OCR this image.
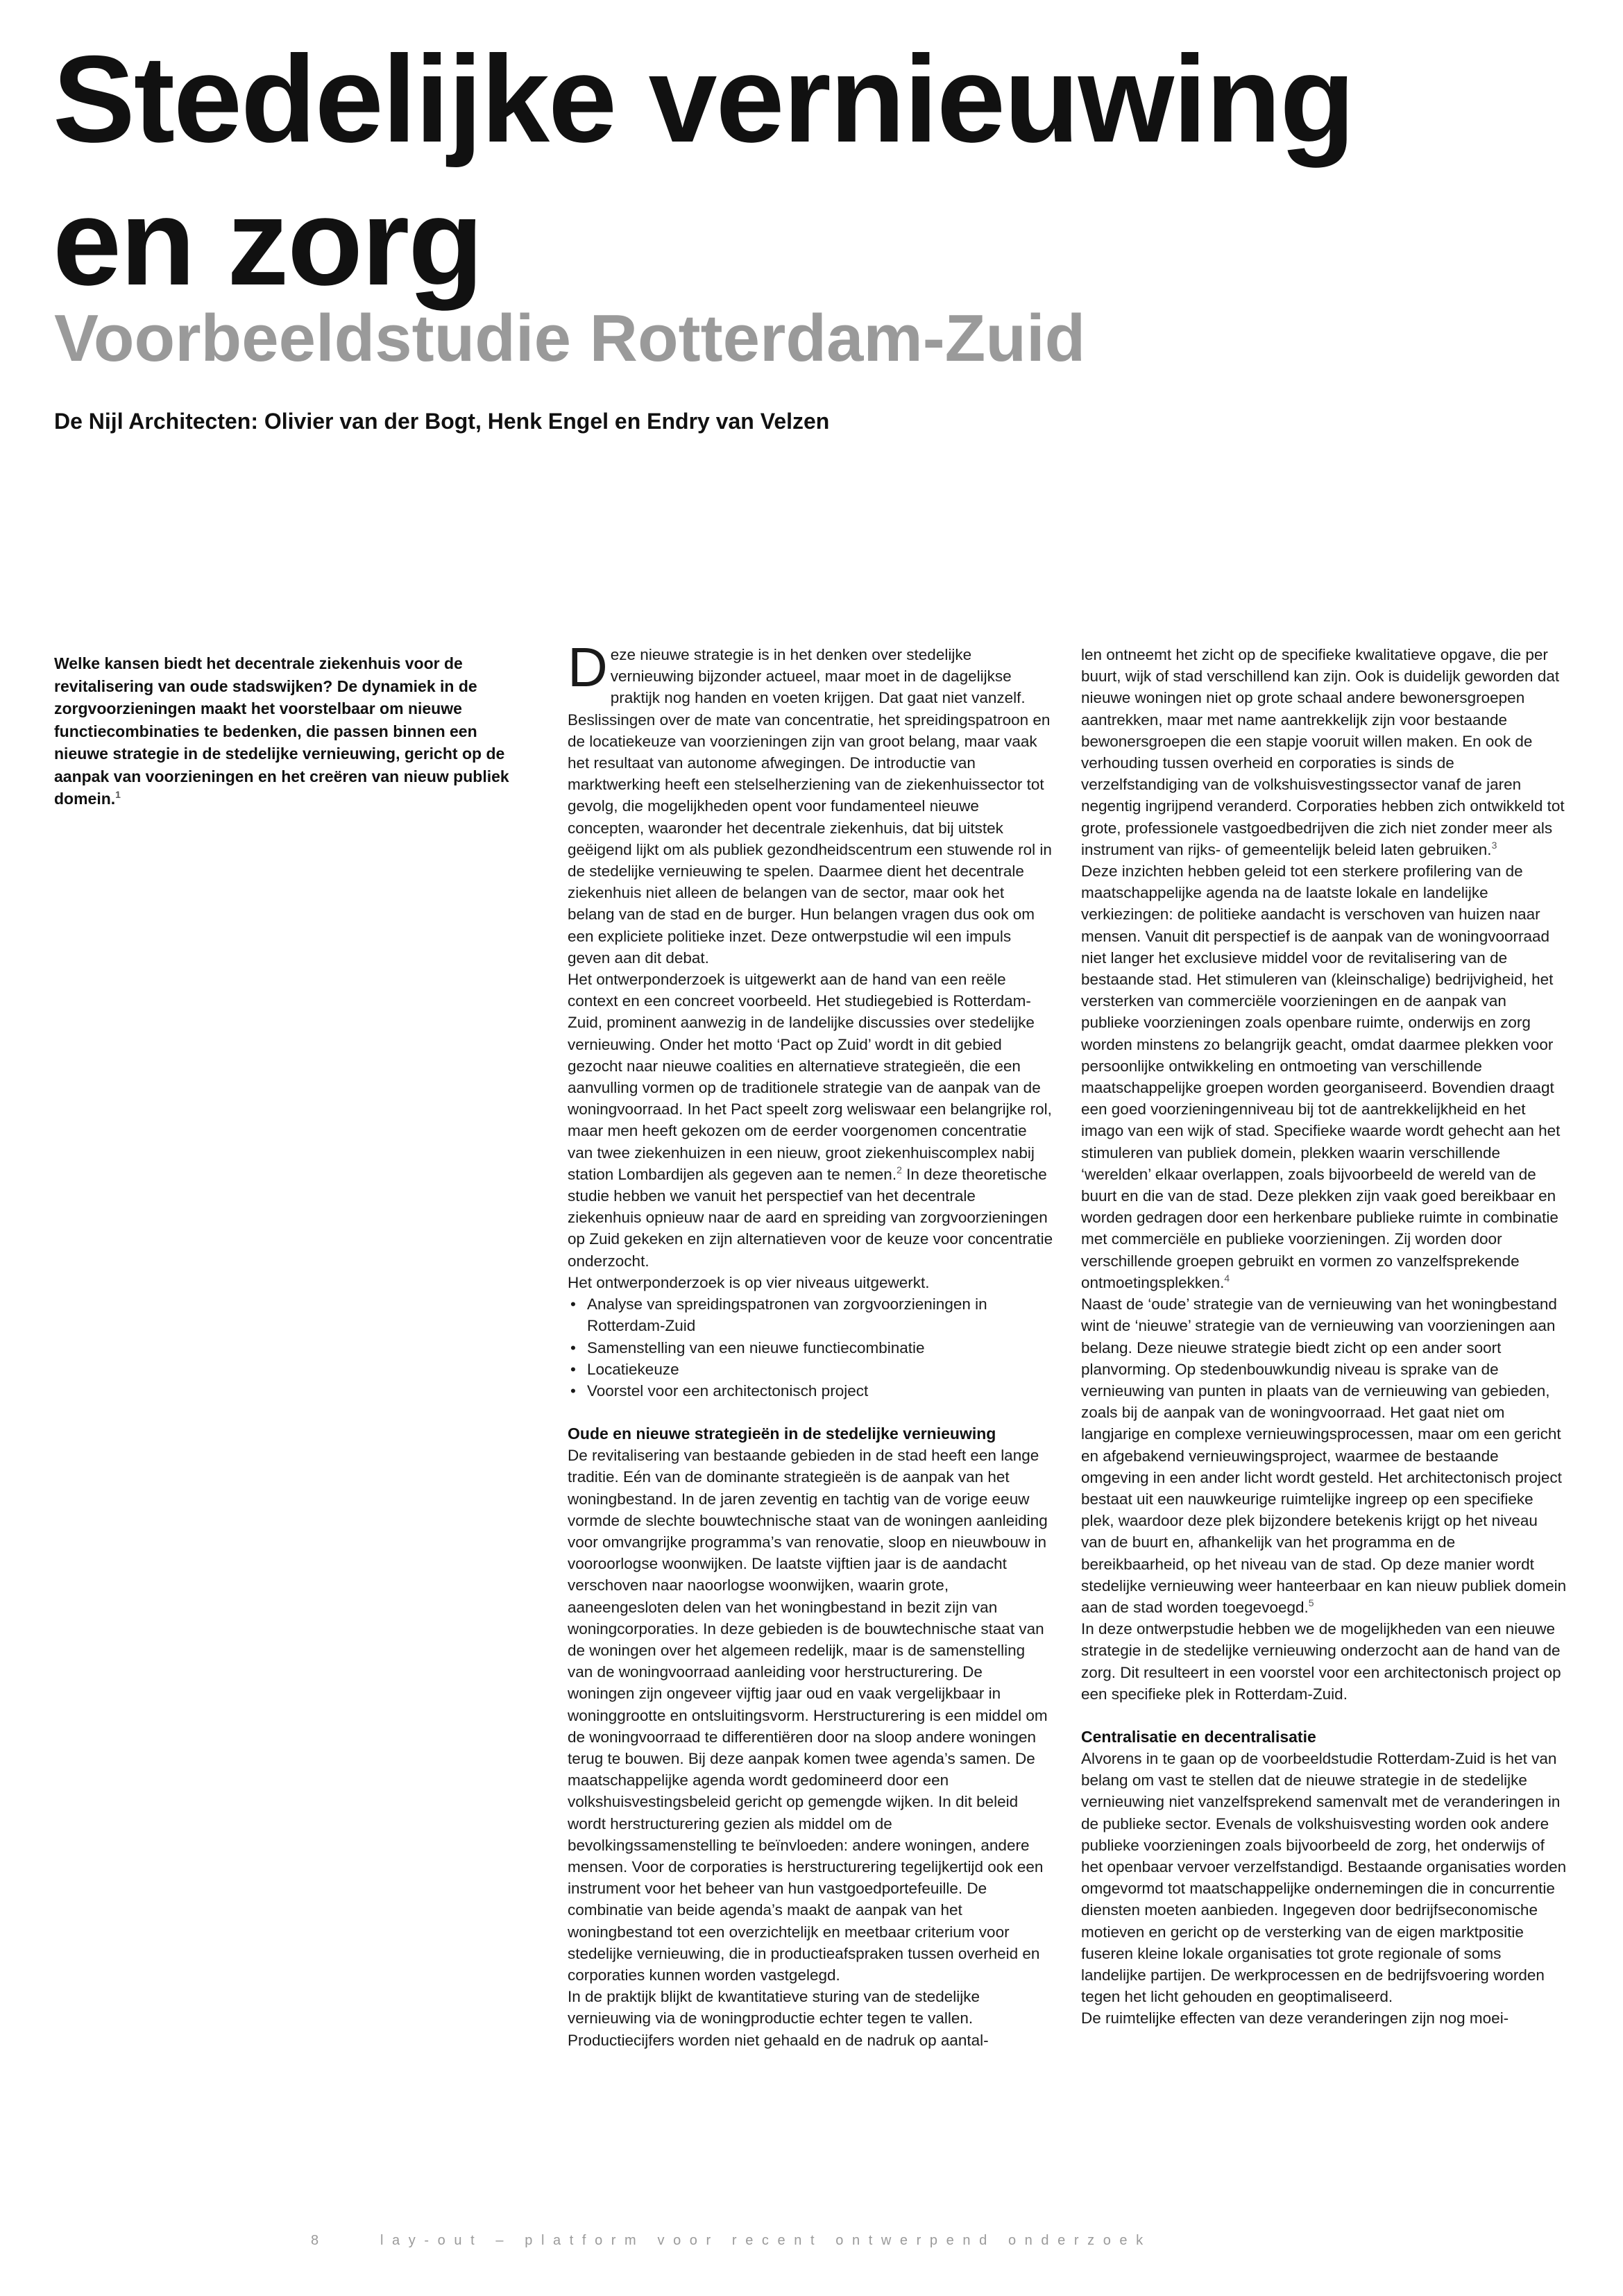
Stedelijke vernieuwing
en zorg
Voorbeeldstudie Rotterdam-Zuid

De Nijl Architecten: Olivier van der Bogt, Henk Engel en Endry van Velzen

Welke kansen biedt het decentrale ziekenhuis voor de revitalisering van oude stadswijken? De dynamiek in de zorgvoorzieningen maakt het voorstelbaar om nieuwe functiecombinaties te bedenken, die passen binnen een nieuwe strategie in de stedelijke vernieuwing, gericht op de aanpak van voorzieningen en het creëren van nieuw publiek domein.$^1$

Deze nieuwe strategie is in het denken over stedelijke vernieuwing bijzonder actueel, maar moet in de dagelijkse praktijk nog handen en voeten krijgen. Dat gaat niet vanzelf. Beslissingen over de mate van concentratie, het spreidingspatroon en de locatiekeuze van voorzieningen zijn van groot belang, maar vaak het resultaat van autonome afwegingen. De introductie van marktwerking heeft een stelselherziening van de ziekenhuissector tot gevolg, die mogelijkheden opent voor fundamenteel nieuwe concepten, waaronder het decentrale ziekenhuis, dat bij uitstek geëigend lijkt om als publiek gezondheidscentrum een stuwende rol in de stedelijke vernieuwing te spelen. Daarmee dient het decentrale ziekenhuis niet alleen de belangen van de sector, maar ook het belang van de stad en de burger. Hun belangen vragen dus ook om een expliciete politieke inzet. Deze ontwerpstudie wil een impuls geven aan dit debat.

Het ontwerponderzoek is uitgewerkt aan de hand van een reële context en een concreet voorbeeld. Het studiegebied is Rotterdam-Zuid, prominent aanwezig in de landelijke discussies over stedelijke vernieuwing. Onder het motto ‘Pact op Zuid’ wordt in dit gebied gezocht naar nieuwe coalities en alternatieve strategieën, die een aanvulling vormen op de traditionele strategie van de aanpak van de woningvoorraad. In het Pact speelt zorg weliswaar een belangrijke rol, maar men heeft gekozen om de eerder voorgenomen concentratie van twee ziekenhuizen in een nieuw, groot ziekenhuiscomplex nabij station Lombardijen als gegeven aan te nemen.$^2$ In deze theoretische studie hebben we vanuit het perspectief van het decentrale ziekenhuis opnieuw naar de aard en spreiding van zorgvoorzieningen op Zuid gekeken en zijn alternatieven voor de keuze voor concentratie onderzocht.

Het ontwerponderzoek is op vier niveaus uitgewerkt.

• Analyse van spreidingspatronen van zorgvoorzieningen in Rotterdam-Zuid
• Samenstelling van een nieuwe functiecombinatie
• Locatiekeuze
• Voorstel voor een architectonisch project
Oude en nieuwe strategieën in de stedelijke vernieuwing

De revitalisering van bestaande gebieden in de stad heeft een lange traditie. Eén van de dominante strategieën is de aanpak van het woningbestand. In de jaren zeventig en tachtig van de vorige eeuw vormde de slechte bouwtechnische staat van de woningen aanleiding voor omvangrijke programma’s van renovatie, sloop en nieuwbouw in vooroorlogse woonwijken. De laatste vijftien jaar is de aandacht verschoven naar naoorlogse woonwijken, waarin grote, aaneengesloten delen van het woningbestand in bezit zijn van woningcorporaties. In deze gebieden is de bouwtechnische staat van de woningen over het algemeen redelijk, maar is de samenstelling van de woningvoorraad aanleiding voor herstructurering. De woningen zijn ongeveer vijftig jaar oud en vaak vergelijkbaar in woninggrootte en ontsluitingsvorm. Herstructurering is een middel om de woningvoorraad te differentiëren door na sloop andere woningen terug te bouwen. Bij deze aanpak komen twee agenda’s samen. De maatschappelijke agenda wordt gedomineerd door een volkshuisvestingsbeleid gericht op gemengde wijken. In dit beleid wordt herstructurering gezien als middel om de bevolkingssamenstelling te beïnvloeden: andere woningen, andere mensen. Voor de corporaties is herstructurering tegelijkertijd ook een instrument voor het beheer van hun vastgoedportefeuille. De combinatie van beide agenda’s maakt de aanpak van het woningbestand tot een overzichtelijk en meetbaar criterium voor stedelijke vernieuwing, die in productieafspraken tussen overheid en corporaties kunnen worden vastgelegd.

In de praktijk blijkt de kwantitatieve sturing van de stedelijke vernieuwing via de woningproductie echter tegen te vallen. Productiecijfers worden niet gehaald en de nadruk op aantal-

len ontneemt het zicht op de specifieke kwalitatieve opgave, die per buurt, wijk of stad verschillend kan zijn. Ook is duidelijk geworden dat nieuwe woningen niet op grote schaal andere bewonersgroepen aantrekken, maar met name aantrekkelijk zijn voor bestaande bewonersgroepen die een stapje vooruit willen maken. En ook de verhouding tussen overheid en corporaties is sinds de verzelfstandiging van de volkshuisvestingssector vanaf de jaren negentig ingrijpend veranderd. Corporaties hebben zich ontwikkeld tot grote, professionele vastgoedbedrijven die zich niet zonder meer als instrument van rijks- of gemeentelijk beleid laten gebruiken.$^3$

Deze inzichten hebben geleid tot een sterkere profilering van de maatschappelijke agenda na de laatste lokale en landelijke verkiezingen: de politieke aandacht is verschoven van huizen naar mensen. Vanuit dit perspectief is de aanpak van de woningvoorraad niet langer het exclusieve middel voor de revitalisering van de bestaande stad. Het stimuleren van (kleinschalige) bedrijvigheid, het versterken van commerciële voorzieningen en de aanpak van publieke voorzieningen zoals openbare ruimte, onderwijs en zorg worden minstens zo belangrijk geacht, omdat daarmee plekken voor persoonlijke ontwikkeling en ontmoeting van verschillende maatschappelijke groepen worden georganiseerd. Bovendien draagt een goed voorzieningenniveau bij tot de aantrekkelijkheid en het imago van een wijk of stad. Specifieke waarde wordt gehecht aan het stimuleren van publiek domein, plekken waarin verschillende ‘werelden’ elkaar overlappen, zoals bijvoorbeeld de wereld van de buurt en die van de stad. Deze plekken zijn vaak goed bereikbaar en worden gedragen door een herkenbare publieke ruimte in combinatie met commerciële en publieke voorzieningen. Zij worden door verschillende groepen gebruikt en vormen zo vanzelfsprekende ontmoetingsplekken.$^4$

Naast de ‘oude’ strategie van de vernieuwing van het woningbestand wint de ‘nieuwe’ strategie van de vernieuwing van voorzieningen aan belang. Deze nieuwe strategie biedt zicht op een ander soort planvorming. Op stedenbouwkundig niveau is sprake van de vernieuwing van punten in plaats van de vernieuwing van gebieden, zoals bij de aanpak van de woningvoorraad. Het gaat niet om langjarige en complexe vernieuwingsprocessen, maar om een gericht en afgebakend vernieuwingsproject, waarmee de bestaande omgeving in een ander licht wordt gesteld. Het architectonisch project bestaat uit een nauwkeurige ruimtelijke ingreep op een specifieke plek, waardoor deze plek bijzondere betekenis krijgt op het niveau van de buurt en, afhankelijk van het programma en de bereikbaarheid, op het niveau van de stad. Op deze manier wordt stedelijke vernieuwing weer hanteerbaar en kan nieuw publiek domein aan de stad worden toegevoegd.$^5$

In deze ontwerpstudie hebben we de mogelijkheden van een nieuwe strategie in de stedelijke vernieuwing onderzocht aan de hand van de zorg. Dit resulteert in een voorstel voor een architectonisch project op een specifieke plek in Rotterdam-Zuid.

Centralisatie en decentralisatie

Alvorens in te gaan op de voorbeeldstudie Rotterdam-Zuid is het van belang om vast te stellen dat de nieuwe strategie in de stedelijke vernieuwing niet vanzelfsprekend samenvalt met de veranderingen in de publieke sector. Evenals de volkshuisvesting worden ook andere publieke voorzieningen zoals bijvoorbeeld de zorg, het onderwijs of het openbaar vervoer verzelfstandigd. Bestaande organisaties worden omgevormd tot maatschappelijke ondernemingen die in concurrentie diensten moeten aanbieden. Ingegeven door bedrijfseconomische motieven en gericht op de versterking van de eigen marktpositie fuseren kleine lokale organisaties tot grote regionale of soms landelijke partijen. De werkprocessen en de bedrijfsvoering worden tegen het licht gehouden en geoptimaliseerd.

De ruimtelijke effecten van deze veranderingen zijn nog moei-

8	lay-out – platform voor recent ontwerpend onderzoek
